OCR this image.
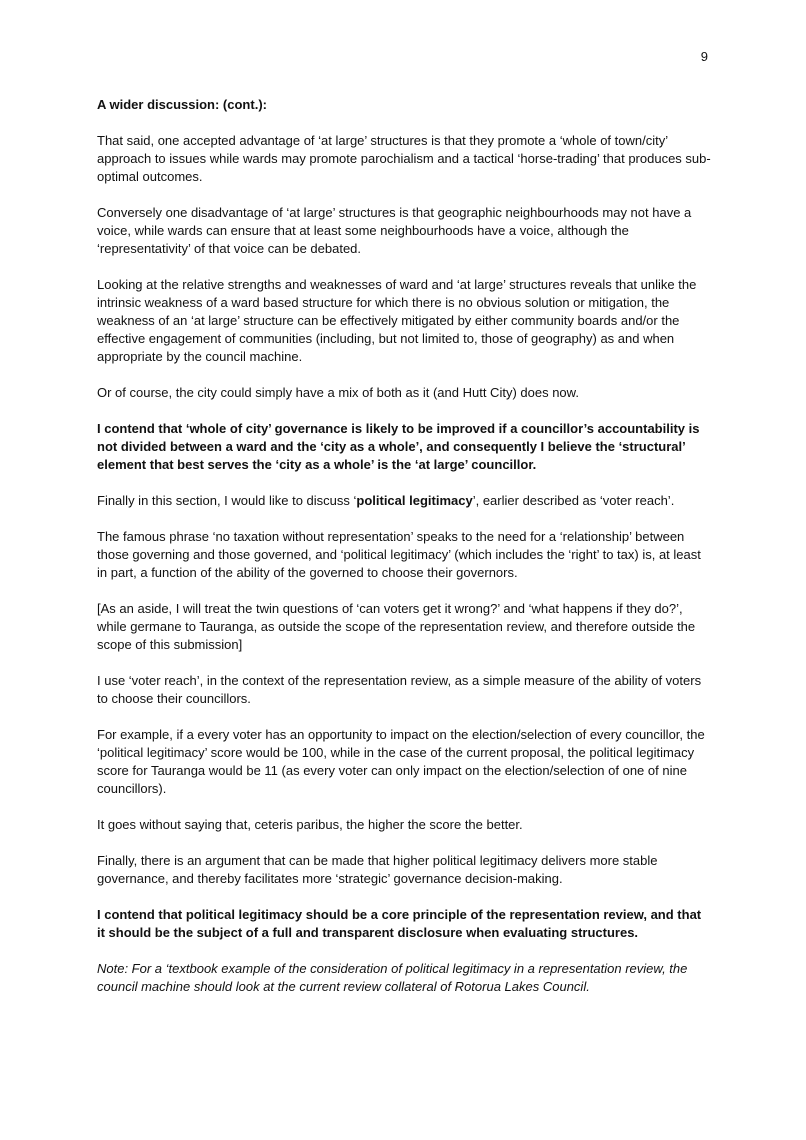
9

A wider discussion: (cont.):

That said, one accepted advantage of ‘at large’ structures is that they promote a ‘whole of town/city’ approach to issues while wards may promote parochialism and a tactical ‘horse-trading’ that produces sub-optimal outcomes.

Conversely one disadvantage of ‘at large’ structures is that geographic neighbourhoods may not have a voice, while wards can ensure that at least some neighbourhoods have a voice, although the ‘representativity’ of that voice can be debated.

Looking at the relative strengths and weaknesses of ward and ‘at large’ structures reveals that unlike the intrinsic weakness of a ward based structure for which there is no obvious solution or mitigation, the weakness of an ‘at large’ structure can be effectively mitigated by either community boards and/or the effective engagement of communities (including, but not limited to, those of geography) as and when appropriate by the council machine.

Or of course, the city could simply have a mix of both as it (and Hutt City) does now.

I contend that ‘whole of city’ governance is likely to be improved if a councillor’s accountability is not divided between a ward and the ‘city as a whole’, and consequently I believe the ‘structural’ element that best serves the ‘city as a whole’ is the ‘at large’ councillor.

Finally in this section, I would like to discuss ‘political legitimacy’, earlier described as ‘voter reach’.

The famous phrase ‘no taxation without representation’ speaks to the need for a ‘relationship’ between those governing and those governed, and ‘political legitimacy’ (which includes the ‘right’ to tax) is, at least in part, a function of the ability of the governed to choose their governors.

[As an aside, I will treat the twin questions of ‘can voters get it wrong?’ and ‘what happens if they do?’, while germane to Tauranga, as outside the scope of the representation review, and therefore outside the scope of this submission]

I use ‘voter reach’, in the context of the representation review, as a simple measure of the ability of voters to choose their councillors.

For example, if a every voter has an opportunity to impact on the election/selection of every councillor, the ‘political legitimacy’ score would be 100, while in the case of the current proposal, the political legitimacy score for Tauranga would be 11 (as every voter can only impact on the election/selection of one of nine councillors).

It goes without saying that, ceteris paribus, the higher the score the better.

Finally, there is an argument that can be made that higher political legitimacy delivers more stable governance, and thereby facilitates more ‘strategic’ governance decision-making.

I contend that political legitimacy should be a core principle of the representation review, and that it should be the subject of a full and transparent disclosure when evaluating structures.

Note: For a ‘textbook example of the consideration of political legitimacy in a representation review, the council machine should look at the current review collateral of Rotorua Lakes Council.
